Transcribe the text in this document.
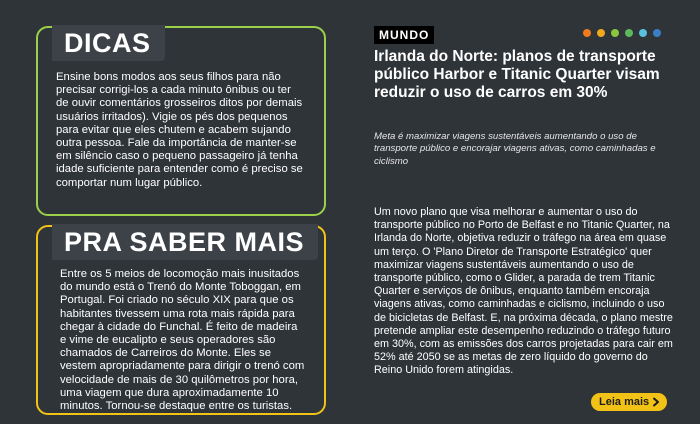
DICAS

Ensine bons modos aos seus filhos para não precisar corrigi-los a cada minuto ônibus ou ter de ouvir comentários grosseiros ditos por demais usuários irritados). Vigie os pés dos pequenos para evitar que eles chutem e acabem sujando outra pessoa. Fale da importância de manter-se em silêncio caso o pequeno passageiro já tenha idade suficiente para entender como é preciso se comportar num lugar público.

PRA SABER MAIS

Entre os 5 meios de locomoção mais inusitados do mundo está o Trenó do Monte Toboggan, em Portugal. Foi criado no século XIX para que os habitantes tivessem uma rota mais rápida para chegar à cidade do Funchal. É feito de madeira e vime de eucalipto e seus operadores são chamados de Carreiros do Monte. Eles se vestem apropriadamente para dirigir o trenó com velocidade de mais de 30 quilômetros por hora, uma viagem que dura aproximadamente 10 minutos. Tornou-se destaque entre os turistas.

MUNDO
Irlanda do Norte: planos de transporte público Harbor e Titanic Quarter visam reduzir o uso de carros em 30%

Meta é maximizar viagens sustentáveis aumentando o uso de transporte público e encorajar viagens ativas, como caminhadas e ciclismo

Um novo plano que visa melhorar e aumentar o uso do transporte público no Porto de Belfast e no Titanic Quarter, na Irlanda do Norte, objetiva reduzir o tráfego na área em quase um terço. O 'Plano Diretor de Transporte Estratégico' quer maximizar viagens sustentáveis aumentando o uso de transporte público, como o Glider, a parada de trem Titanic Quarter e serviços de ônibus, enquanto também encoraja viagens ativas, como caminhadas e ciclismo, incluindo o uso de bicicletas de Belfast. E, na próxima década, o plano mestre pretende ampliar este desempenho reduzindo o tráfego futuro em 30%, com as emissões dos carros projetadas para cair em 52% até 2050 se as metas de zero líquido do governo do Reino Unido forem atingidas.

Leia mais
